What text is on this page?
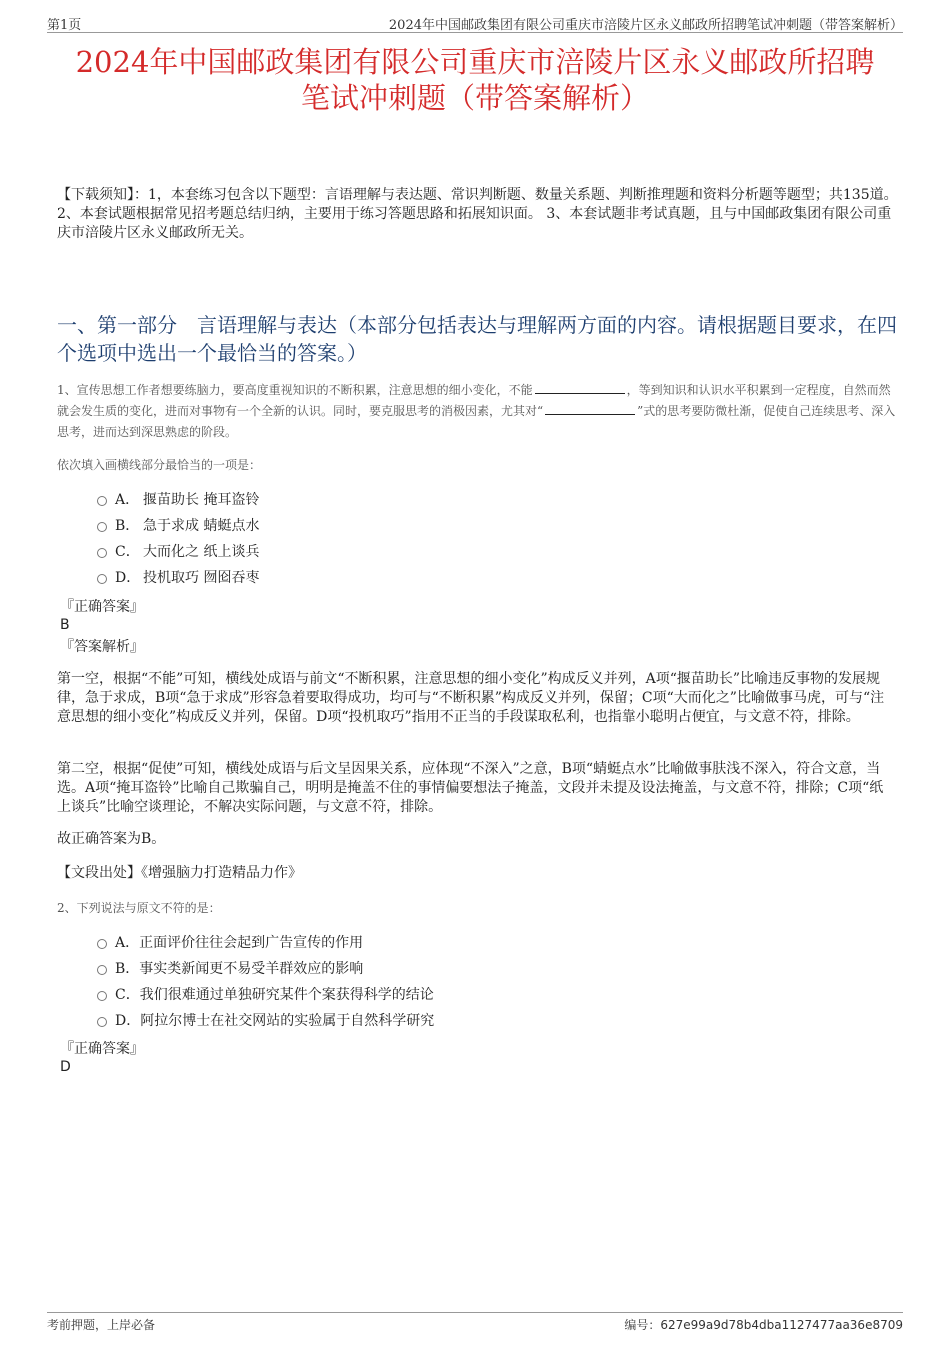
第1页	2024年中国邮政集团有限公司重庆市涪陵片区永义邮政所招聘笔试冲刺题（带答案解析）
2024年中国邮政集团有限公司重庆市涪陵片区永义邮政所招聘
笔试冲刺题（带答案解析）
【下载须知】：1，本套练习包含以下题型：言语理解与表达题、常识判断题、数量关系题、判断推理题和资料分析题等题型；共135道。 2、本套试题根据常见招考题总结归纳，主要用于练习答题思路和拓展知识面。 3、本套试题非考试真题，且与中国邮政集团有限公司重庆市涪陵片区永义邮政所无关。
一、第一部分　言语理解与表达（本部分包括表达与理解两方面的内容。请根据题目要求，在四个选项中选出一个最恰当的答案。）
1、宣传思想工作者想要练脑力，要高度重视知识的不断积累，注意思想的细小变化，不能	，等到知识和认识水平积累到一定程度，自然而然就会发生质的变化，进而对事物有一个全新的认识。同时，要克服思考的消极因素，尤其对“	”式的思考要防微杜渐，促使自己连续思考、深入思考，进而达到深思熟虑的阶段。
依次填入画横线部分最恰当的一项是：
A． 揠苗助长 掩耳盗铃
B． 急于求成 蜻蜓点水
C． 大而化之 纸上谈兵
D． 投机取巧 囫囵吞枣
『正确答案』
B
『答案解析』
第一空，根据“不能”可知，横线处成语与前文“不断积累，注意思想的细小变化”构成反义并列，A项“揠苗助长”比喻违反事物的发展规律，急于求成，B项“急于求成”形容急着要取得成功，均可与“不断积累”构成反义并列，保留；C项“大而化之”比喻做事马虎，可与“注意思想的细小变化”构成反义并列，保留。D项“投机取巧”指用不正当的手段谋取私利，也指靠小聪明占便宜，与文意不符，排除。
第二空，根据“促使”可知，横线处成语与后文呈因果关系，应体现“不深入”之意，B项“蜻蜓点水”比喻做事肤浅不深入，符合文意，当选。A项“掩耳盗铃”比喻自己欺骗自己，明明是掩盖不住的事情偏要想法子掩盖，文段并未提及设法掩盖，与文意不符，排除；C项“纸上谈兵”比喻空谈理论，不解决实际问题，与文意不符，排除。
故正确答案为B。
【文段出处】《增强脑力打造精品力作》
2、下列说法与原文不符的是：
A．正面评价往往会起到广告宣传的作用
B．事实类新闻更不易受羊群效应的影响
C．我们很难通过单独研究某件个案获得科学的结论
D．阿拉尔博士在社交网站的实验属于自然科学研究
『正确答案』
D
考前押题，上岸必备	编号：627e99a9d78b4dba1127477aa36e8709
